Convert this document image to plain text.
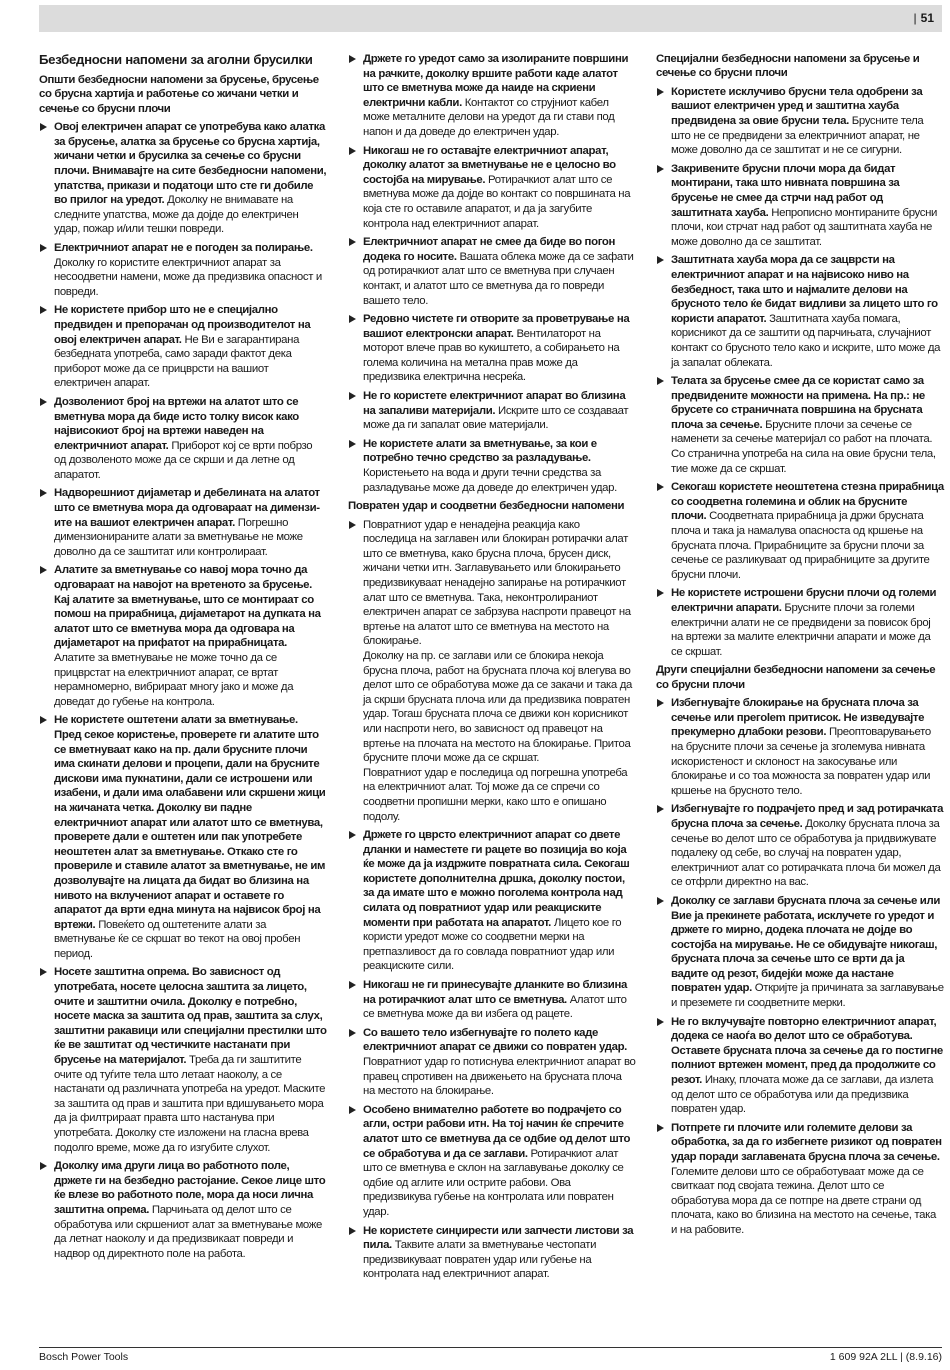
| 51
Безбедносни напомени за аголни брусилки
Општи безбедносни напомени за брусење, брусење со брусна хартија и работење со жичани четки и сечење со брусни плочи
Овој електричен апарат се употребува како алатка за брусење, алатка за брусење со брусна хартија, жичани четки и брусилка за сечење со брусни плочи. Внимавајте на сите безбедносни напомени, упатства, прикази и податоци што сте ги добиле во прилог на уредот. Доколку не внимавате на следните упатства, може да дојде до електричен удар, пожар и/или тешки повреди.
Електричниот апарат не е погоден за полирање. Доколку го користите електричниот апарат за несоодветни намени, може да предизвика опасност и повреди.
Не користете прибор што не е специјално предвиден и препорачан од производителот на овој електричен апарат. Не Ви е загарантирана безбедната употреба, само заради фактот дека приборот може да се прицврсти на вашиот електричен апарат.
Дозволениот број на вртежи на алатот што се вметнува мора да биде исто толку висок како највисокиот број на вртежи наведен на електричниот апарат. Приборот кој се врти побрзо од дозволеното може да се скрши и да летне од апаратот.
Надворешниот дијаметар и дебелината на алатот што се вметнува мора да одговараат на димензиите на вашиот електричен апарат. Погрешно димензионираните алати за вметнување не може доволно да се заштитат или контролираат.
Алатите за вметнување со навој мора точно да одговараат на навојот на вретеното за брусење. Кај алатите за вметнување, што се монтираат со помош на прирабница, дијаметарот на дупката на алатот што се вметнува мора да одговара на дијаметарот на прифатот на прирабницата. Алатите за вметнување не може точно да се прицврстат на електричниот апарат, се вртат нерамномерно, вибрираат многу јако и може да доведат до губење на контрола.
Не користете оштетени алати за вметнување. Пред секое користење, проверете ги алатите што се вметнуваат како на пр. дали брусните плочи има скинати делови и процепи, дали на брусните дискови има пукнатини, дали се истрошени или изабени, и дали има олабавени или скршени жици на жичаната четка. Доколку ви падне електричниот апарат или алатот што се вметнува, проверете дали е оштетен или пак употребете неоштетен алат за вметнување. Откако сте го провериле и ставиле алатот за вметнување, не им дозволувајте на лицата да бидат во близина на нивото на вклучениот апарат и оставете го апаратот да врти една минута на највисок број на вртежи. Повеќето од оштетените алати за вметнување ќе се скршат во текот на овој пробен период.
Носете заштитна опрема. Во зависност од употребата, носете целосна заштита за лицето, очите и заштитни очила. Доколку е потребно, носете маска за заштита од прав, заштита за слух, заштитни ракавици или специјални престилки што ќе ве заштитат од честичките настанати при брусење на материјалот. Треба да ги заштитите очите од туѓите тела што летаат наоколу, а се настанати од различната употреба на уредот. Маските за заштита од прав и заштита при вдишувањето мора да ја филтрираат правта што настанува при употребата. Доколку сте изложени на гласна врева подолго време, може да го изгубите слухот.
Доколку има други лица во работното поле, држете ги на безбедно растојание. Секое лице што ќе влезе во работното поле, мора да носи лична заштитна опрема. Парчињата од делот што се обработува или скршениот алат за вметнување може да летнат наоколу и да предизвикаат повреди и надвор од директното поле на работа.
Држете го уредот само за изолираните површини на рачките, доколку вршите работи каде алатот што се вметнува може да наиде на скриени електрични кабли. Контактот со струјниот кабел може металните делови на уредот да ги стави под напон и да доведе до електричен удар.
Никогаш не го оставајте електричниот апарат, доколку алатот за вметнување не е целосно во состојба на мирување. Ротирачкиот алат што се вметнува може да дојде во контакт со површината на која сте го оставиле апаратот, и да ја загубите контрола над електричниот апарат.
Електричниот апарат не смее да биде во погон додека го носите. Вашата облека може да се зафати од ротирачкиот алат што се вметнува при случаен контакт, и алатот што се вметнува да го повреди вашето тело.
Редовно чистете ги отворите за проветрување на вашиот електронски апарат. Вентилаторот на моторот влече прав во кукиштето, а собирањето на голема количина на метална прав може да предизвика електрична несреќа.
Не го користете електричниот апарат во близина на запаливи материјали. Искрите што се создаваат може да ги запалат овие материјали.
Не користете алати за вметнување, за кои е потребно течно средство за разладување. Користењето на вода и други течни средства за разладување може да доведе до електричен удар.
Повратен удар и соодветни безбедносни напомени
Повратниот удар е ненадејна реакција како последица на заглавен или блокиран ротирачки алат што се вметнува, како брусна плоча, брусен диск, жичани четки итн. Заглавувањето или блокирањето предизвикуваат ненадејно запирање на ротирачкиот алат што се вметнува. Така, неконтролираниот електричен апарат се забрзува наспроти правецот на вртење на алатот што се вметнува на местото на блокирање.
Доколку на пр. се заглави или се блокира некоја брусна плоча, работ на брусната плоча кој влегува во делот што се обработува може да се закачи и така да ја скрши брусната плоча или да предизвика повратен удар. Тогаш брусната плоча се движи кон корисникот или наспроти него, во зависност од правецот на вртење на плочата на местото на блокирање. Притоа брусните плочи може да се скршат.
Повратниот удар е последица од погрешна употреба на електричниот алат. Тој може да се спречи со соодветни пропишни мерки, како што е опишано подолу.
Држете го цврсто електричниот апарат со двете дланки и наместете ги рацете во позиција во која ќе може да ја издржите повратната сила. Секогаш користете дополнителна дршка, доколку постои, за да имате што е можно поголема контрола над силата од повратниот удар или реакциските моменти при работата на апаратот. Лицето кое го користи уредот може со соодветни мерки на претпазливост да го совлада повратниот удар или реакциските сили.
Никогаш не ги принесувајте дланките во близина на ротирачкиот алат што се вметнува. Алатот што се вметнува може да ви избега од рацете.
Со вашето тело избегнувајте го полето каде електричниот апарат се движи со повратен удар. Повратниот удар го потиснува електричниот апарат во правец спротивен на движењето на брусната плоча на местото на блокирање.
Особено внимателно работете во подрачјето со агли, остри рабови итн. На тој начин ќе спречите алатот што се вметнува да се одбие од делот што се обработува и да се заглави. Ротирачкиот алат што се вметнува е склон на заглавување доколку се одбие од аглите или острите рабови. Ова предизвикува губење на контролата или повратен удар.
Не користете синџирести или запчести листови за пила. Таквите алати за вметнување честопати предизвикуваат повратен удар или губење на контролата над електричниот апарат.
Специјални безбедносни напомени за брусење и сечење со брусни плочи
Користете исклучиво брусни тела одобрени за вашиот електричен уред и заштитна хауба предвидена за овие брусни тела. Брусните тела што не се предвидени за електричниот апарат, не може доволно да се заштитат и не се сигурни.
Закривените брусни плочи мора да бидат монтирани, така што нивната површина за брусење не смее да стрчи над работ од заштитната хауба. Непрописно монтираните брусни плочи, кои стрчат над работ од заштитната хауба не може доволно да се заштитат.
Заштитната хауба мора да се зацврсти на електричниот апарат и на највисоко ниво на безбедност, така што и најмалите делови на брусното тело ќе бидат видливи за лицето што го користи апаратот. Заштитната хауба помага, корисникот да се заштити од парчињата, случајниот контакт со брусното тело како и искрите, што може да ја запалат облеката.
Телата за брусење смее да се користат само за предвидените можности на примена. На пр.: не брусете со страничната површина на брусната плоча за сечење. Брусните плочи за сечење се наменети за сечење материјал со работ на плочата. Со странична употреба на сила на овие брусни тела, тие може да се скршат.
Секогаш користете неоштетена стезна прирабница со соодветна големина и облик на брусните плочи. Соодветната прирабница ја држи брусната плоча и така ја намалува опасноста од кршење на брусната плоча. Прирабниците за брусни плочи за сечење се разликуваат од прирабниците за другите брусни плочи.
Не користете истрошени брусни плочи од големи електрични апарати. Брусните плочи за големи електрични алати не се предвидени за повисок број на вртежи за малите електрични апарати и може да се скршат.
Други специјални безбедносни напомени за сечење со брусни плочи
Избегнувајте блокирање на брусната плоча за сечење или прегolem притисок. Не изведувајте прекумерно длабоки резови. Преоптоварувањето на брусните плочи за сечење ја зголемува нивната искористеност и склоност на закосување или блокирање и со тоа можноста за повратен удар или кршење на брусното тело.
Избегнувајте го подрачјето пред и зад ротирачката брусна плоча за сечење. Доколку брусната плоча за сечење во делот што се обработува ја придвижувате подалеку од себе, во случај на повратен удар, електричниот алат со ротирачката плоча би можел да се отфрли директно на вас.
Доколку се заглави брусната плоча за сечење или Вие ја прекинете работата, исклучете го уредот и држете го мирно, додека плочата не дојде во состојба на мирување. Не се обидувајте никогаш, брусната плоча за сечење што се врти да ја вадите од резот, бидејќи може да настане повратен удар. Откријте ја причината за заглавување и преземете ги соодветните мерки.
Не го вклучувајте повторно електричниот апарат, додека се наоѓа во делот што се обработува. Оставете брусната плоча за сечење да го постигне полниот вртежен момент, пред да продолжите со резот. Инаку, плочата може да се заглави, да излета од делот што се обработува или да предизвика повратен удар.
Потпрете ги плочите или големите делови за обработка, за да го избегнете ризикот од повратен удар поради заглавената брусна плоча за сечење. Големите делови што се обработуваат може да се свиткаат под својата тежина. Делот што се обработува мора да се потпре на двете страни од плочата, како во близина на местото на сечење, така и на рабовите.
Bosch Power Tools	1 609 92A 2LL | (8.9.16)
